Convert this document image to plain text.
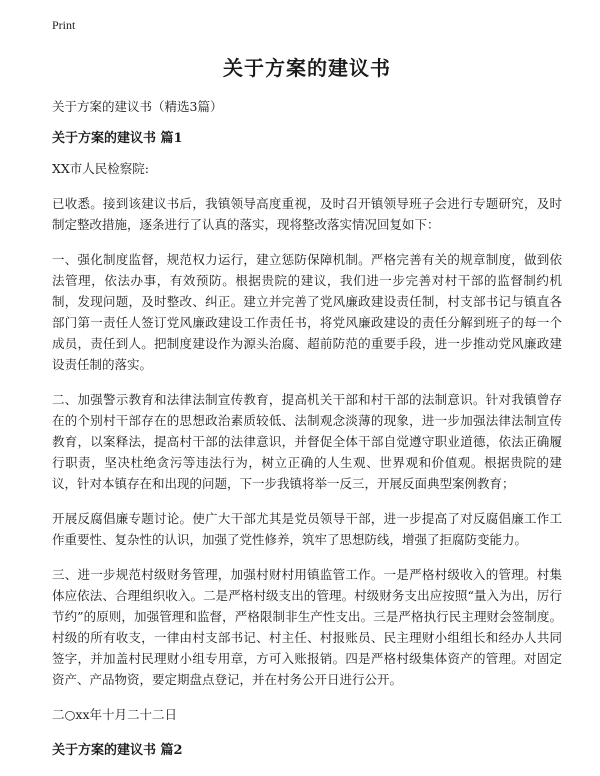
Print
关于方案的建议书
关于方案的建议书（精选3篇）
关于方案的建议书 篇1
XX市人民检察院:
已收悉。接到该建议书后，我镇领导高度重视，及时召开镇领导班子会进行专题研究，及时制定整改措施，逐条进行了认真的落实，现将整改落实情况回复如下：
一、强化制度监督，规范权力运行，建立惩防保障机制。严格完善有关的规章制度，做到依法管理，依法办事，有效预防。根据贵院的建议，我们进一步完善对村干部的监督制约机制，发现问题，及时整改、纠正。建立并完善了党风廉政建设责任制，村支部书记与镇直各部门第一责任人签订党风廉政建设工作责任书，将党风廉政建设的责任分解到班子的每一个成员，责任到人。把制度建设作为源头治腐、超前防范的重要手段，进一步推动党风廉政建设责任制的落实。
二、加强警示教育和法律法制宣传教育，提高机关干部和村干部的法制意识。针对我镇曾存在的个别村干部存在的思想政治素质较低、法制观念淡薄的现象，进一步加强法律法制宣传教育，以案释法，提高村干部的法律意识，并督促全体干部自觉遵守职业道德，依法正确履行职责，坚决杜绝贪污等违法行为，树立正确的人生观、世界观和价值观。根据贵院的建议，针对本镇存在和出现的问题，下一步我镇将举一反三，开展反面典型案例教育；
开展反腐倡廉专题讨论。使广大干部尤其是党员领导干部，进一步提高了对反腐倡廉工作工作重要性、复杂性的认识，加强了党性修养，筑牢了思想防线，增强了拒腐防变能力。
三、进一步规范村级财务管理，加强村财村用镇监管工作。一是严格村级收入的管理。村集体应依法、合理组织收入。二是严格村级支出的管理。村级财务支出应按照“量入为出，厉行节约”的原则，加强管理和监督，严格限制非生产性支出。三是严格执行民主理财会签制度。村级的所有收支，一律由村支部书记、村主任、村报账员、民主理财小组组长和经办人共同签字，并加盖村民理财小组专用章，方可入账报销。四是严格村级集体资产的管理。对固定资产、产品物资，要定期盘点登记，并在村务公开日进行公开。
二○xx年十月二十二日
关于方案的建议书 篇2
